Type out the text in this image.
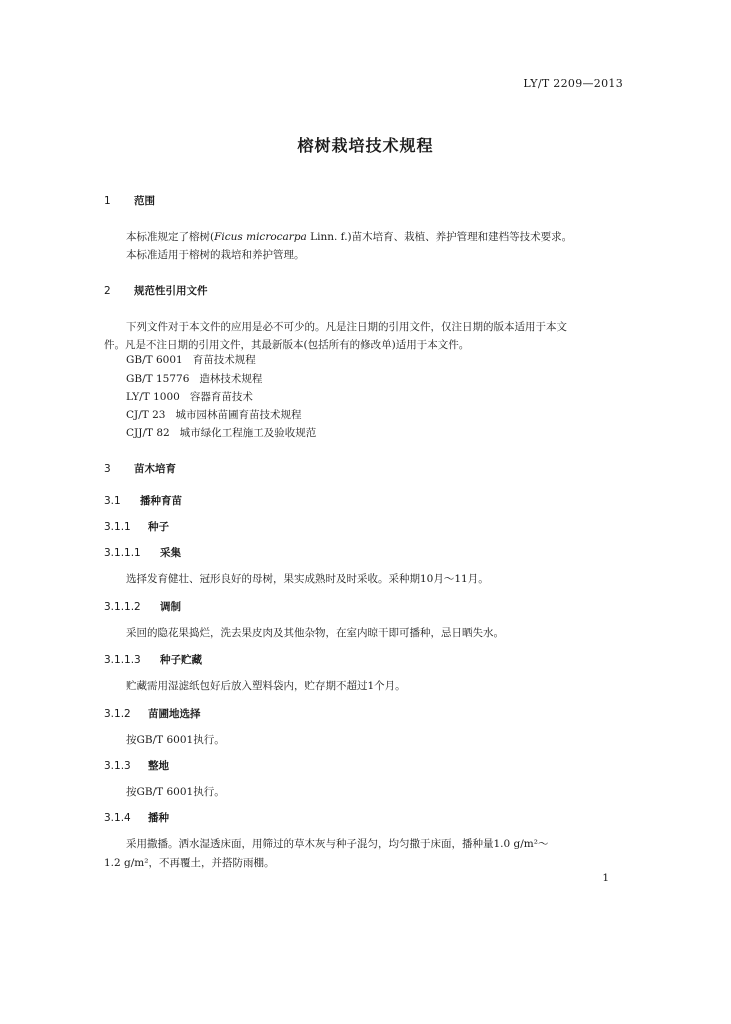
LY/T 2209—2013
榕树栽培技术规程
1 范围
本标准规定了榕树(Ficus microcarpa Linn. f.)苗木培育、栽植、养护管理和建档等技术要求。
本标准适用于榕树的栽培和养护管理。
2 规范性引用文件
下列文件对于本文件的应用是必不可少的。凡是注日期的引用文件，仅注日期的版本适用于本文
件。凡是不注日期的引用文件，其最新版本(包括所有的修改单)适用于本文件。
GB/T 6001 育苗技术规程
GB/T 15776 造林技术规程
LY/T 1000 容器育苗技术
CJ/T 23 城市园林苗圃育苗技术规程
CJJ/T 82 城市绿化工程施工及验收规范
3 苗木培育
3.1 播种育苗
3.1.1 种子
3.1.1.1 采集
选择发育健壮、冠形良好的母树，果实成熟时及时采收。采种期10月～11月。
3.1.1.2 调制
采回的隐花果捣烂，洗去果皮肉及其他杂物，在室内晾干即可播种，忌日晒失水。
3.1.1.3 种子贮藏
贮藏需用湿滤纸包好后放入塑料袋内，贮存期不超过1个月。
3.1.2 苗圃地选择
按GB/T 6001执行。
3.1.3 整地
按GB/T 6001执行。
3.1.4 播种
采用撒播。洒水湿透床面，用筛过的草木灰与种子混匀，均匀撒于床面，播种量1.0 g/m²～
1.2 g/m²，不再覆土，并搭防雨棚。
1
